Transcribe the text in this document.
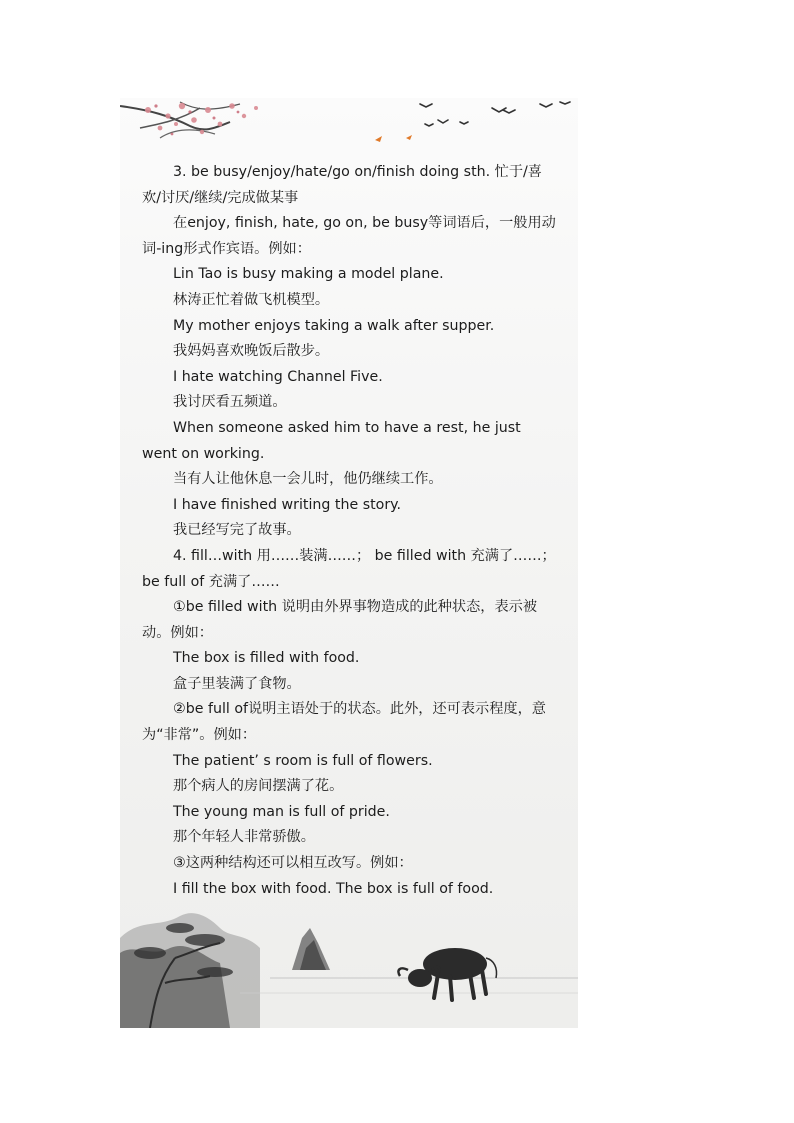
3. be busy/enjoy/hate/go on/finish doing sth. 忙于/喜欢/讨厌/继续/完成做某事

在enjoy, finish, hate, go on, be busy等词语后，一般用动词-ing形式作宾语。例如：

Lin Tao is busy making a model plane.

林涛正忙着做飞机模型。

My mother enjoys taking a walk after supper.

我妈妈喜欢晚饭后散步。

I hate watching Channel Five.

我讨厌看五频道。

When someone asked him to have a rest, he just went on working.

当有人让他休息一会儿时，他仍继续工作。

I have finished writing the story.

我已经写完了故事。

4. fill…with 用……装满……； be filled with 充满了……；be full of 充满了……

①be filled with 说明由外界事物造成的此种状态，表示被动。例如：

The box is filled with food.

盒子里装满了食物。

②be full of说明主语处于的状态。此外，还可表示程度，意为“非常”。例如：

The patient’ s room is full of flowers.

那个病人的房间摆满了花。

The young man is full of pride.

那个年轻人非常骄傲。

③这两种结构还可以相互改写。例如：

I fill the box with food. The box is full of food.
